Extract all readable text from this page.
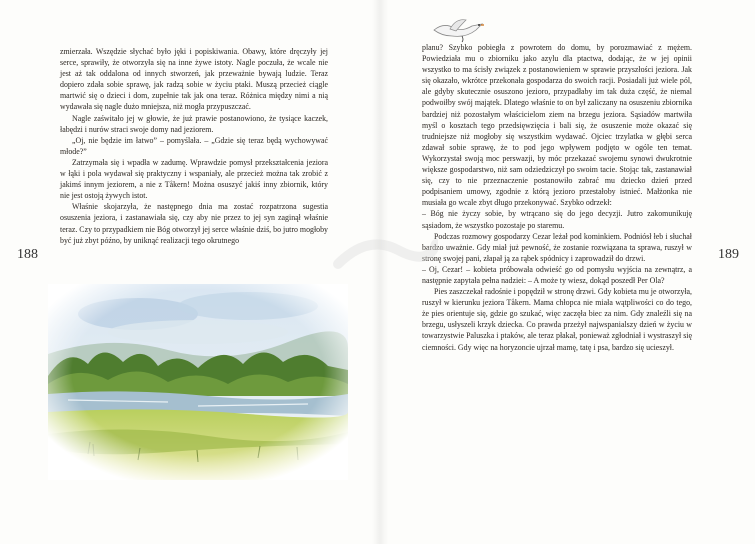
zmierzała. Wszędzie słychać było jęki i popiskiwania. Obawy, które dręczyły jej serce, sprawiły, że otworzyła się na inne żywe istoty. Nagle poczuła, że wcale nie jest aż tak oddalona od innych stworzeń, jak przeważnie bywają ludzie. Teraz dopiero zdała sobie sprawę, jak radzą sobie w życiu ptaki. Muszą przecież ciągle martwić się o dzieci i dom, zupełnie tak jak ona teraz. Różnica między nimi a nią wydawała się nagle dużo mniejsza, niż mogła przypuszczać.

Nagle zaświtało jej w głowie, że już prawie postanowiono, że tysiące kaczek, łabędzi i nurów straci swoje domy nad jeziorem.

„Oj, nie będzie im łatwo” – pomyślała. – „Gdzie się teraz będą wychowywać młode?”

Zatrzymała się i wpadła w zadumę. Wprawdzie pomysł przekształcenia jeziora w łąki i pola wydawał się praktyczny i wspaniały, ale przecież można tak zrobić z jakimś innym jeziorem, a nie z Tåkern! Można osuszyć jakiś inny zbiornik, który nie jest ostoją żywych istot.

Właśnie skojarzyła, że następnego dnia ma zostać rozpatrzona sugestia osuszenia jeziora, i zastanawiała się, czy aby nie przez to jej syn zaginął właśnie teraz. Czy to przypadkiem nie Bóg otworzył jej serce właśnie dziś, bo jutro mogłoby być już zbyt późno, by uniknąć realizacji tego okrutnego

188

planu? Szybko pobiegła z powrotem do domu, by porozmawiać z mężem. Powiedziała mu o zbiorniku jako azylu dla ptactwa, dodając, że w jej opinii wszystko to ma ścisły związek z postanowieniem w sprawie przyszłości jeziora. Jak się okazało, wkrótce przekonała gospodarza do swoich racji. Posiadali już wiele pól, ale gdyby skutecznie osuszono jezioro, przypadłaby im tak duża część, że niemal podwoiłby swój majątek. Dlatego właśnie to on był zaliczany na osuszeniu zbiornika bardziej niż pozostałym właścicielom ziem na brzegu jeziora. Sąsiadów martwiła myśl o kosztach tego przedsięwzięcia i bali się, że osuszenie może okazać się trudniejsze niż mogłoby się wszystkim wydawać. Ojciec trzylatka w głębi serca zdawał sobie sprawę, że to pod jego wpływem podjęto w ogóle ten temat. Wykorzystał swoją moc perswazji, by móc przekazać swojemu synowi dwukrotnie większe gospodarstwo, niż sam odziedziczył po swoim tacie. Stojąc tak, zastanawiał się, czy to nie przeznaczenie postanowiło zabrać mu dziecko dzień przed podpisaniem umowy, zgodnie z którą jezioro przestałoby istnieć. Małżonka nie musiała go wcale zbyt długo przekonywać. Szybko odrzekł:

– Bóg nie życzy sobie, by wtrącano się do jego decyzji. Jutro zakomunikuję sąsiadom, że wszystko pozostaje po staremu.

Podczas rozmowy gospodarzy Cezar leżał pod kominkiem. Podniósł łeb i słuchał bardzo uważnie. Gdy miał już pewność, że zostanie rozwiązana ta sprawa, ruszył w stronę swojej pani, złapał ją za rąbek spódnicy i zaprowadził do drzwi.

– Oj, Cezar! – kobieta próbowała odwieść go od pomysłu wyjścia na zewnątrz, a następnie zapytała pełna nadziei: – A może ty wiesz, dokąd poszedł Per Ola?

Pies zaszczekał radośnie i popędził w stronę drzwi. Gdy kobieta mu je otworzyła, ruszył w kierunku jeziora Tåkern. Mama chłopca nie miała wątpliwości co do tego, że pies orientuje się, gdzie go szukać, więc zaczęła biec za nim. Gdy znaleźli się na brzegu, usłyszeli krzyk dziecka. Co prawda przeżył najwspanialszy dzień w życiu w towarzystwie Paluszka i ptaków, ale teraz płakał, ponieważ zgłodniał i wystraszył się ciemności. Gdy więc na horyzoncie ujrzał mamę, tatę i psa, bardzo się ucieszył.

189
